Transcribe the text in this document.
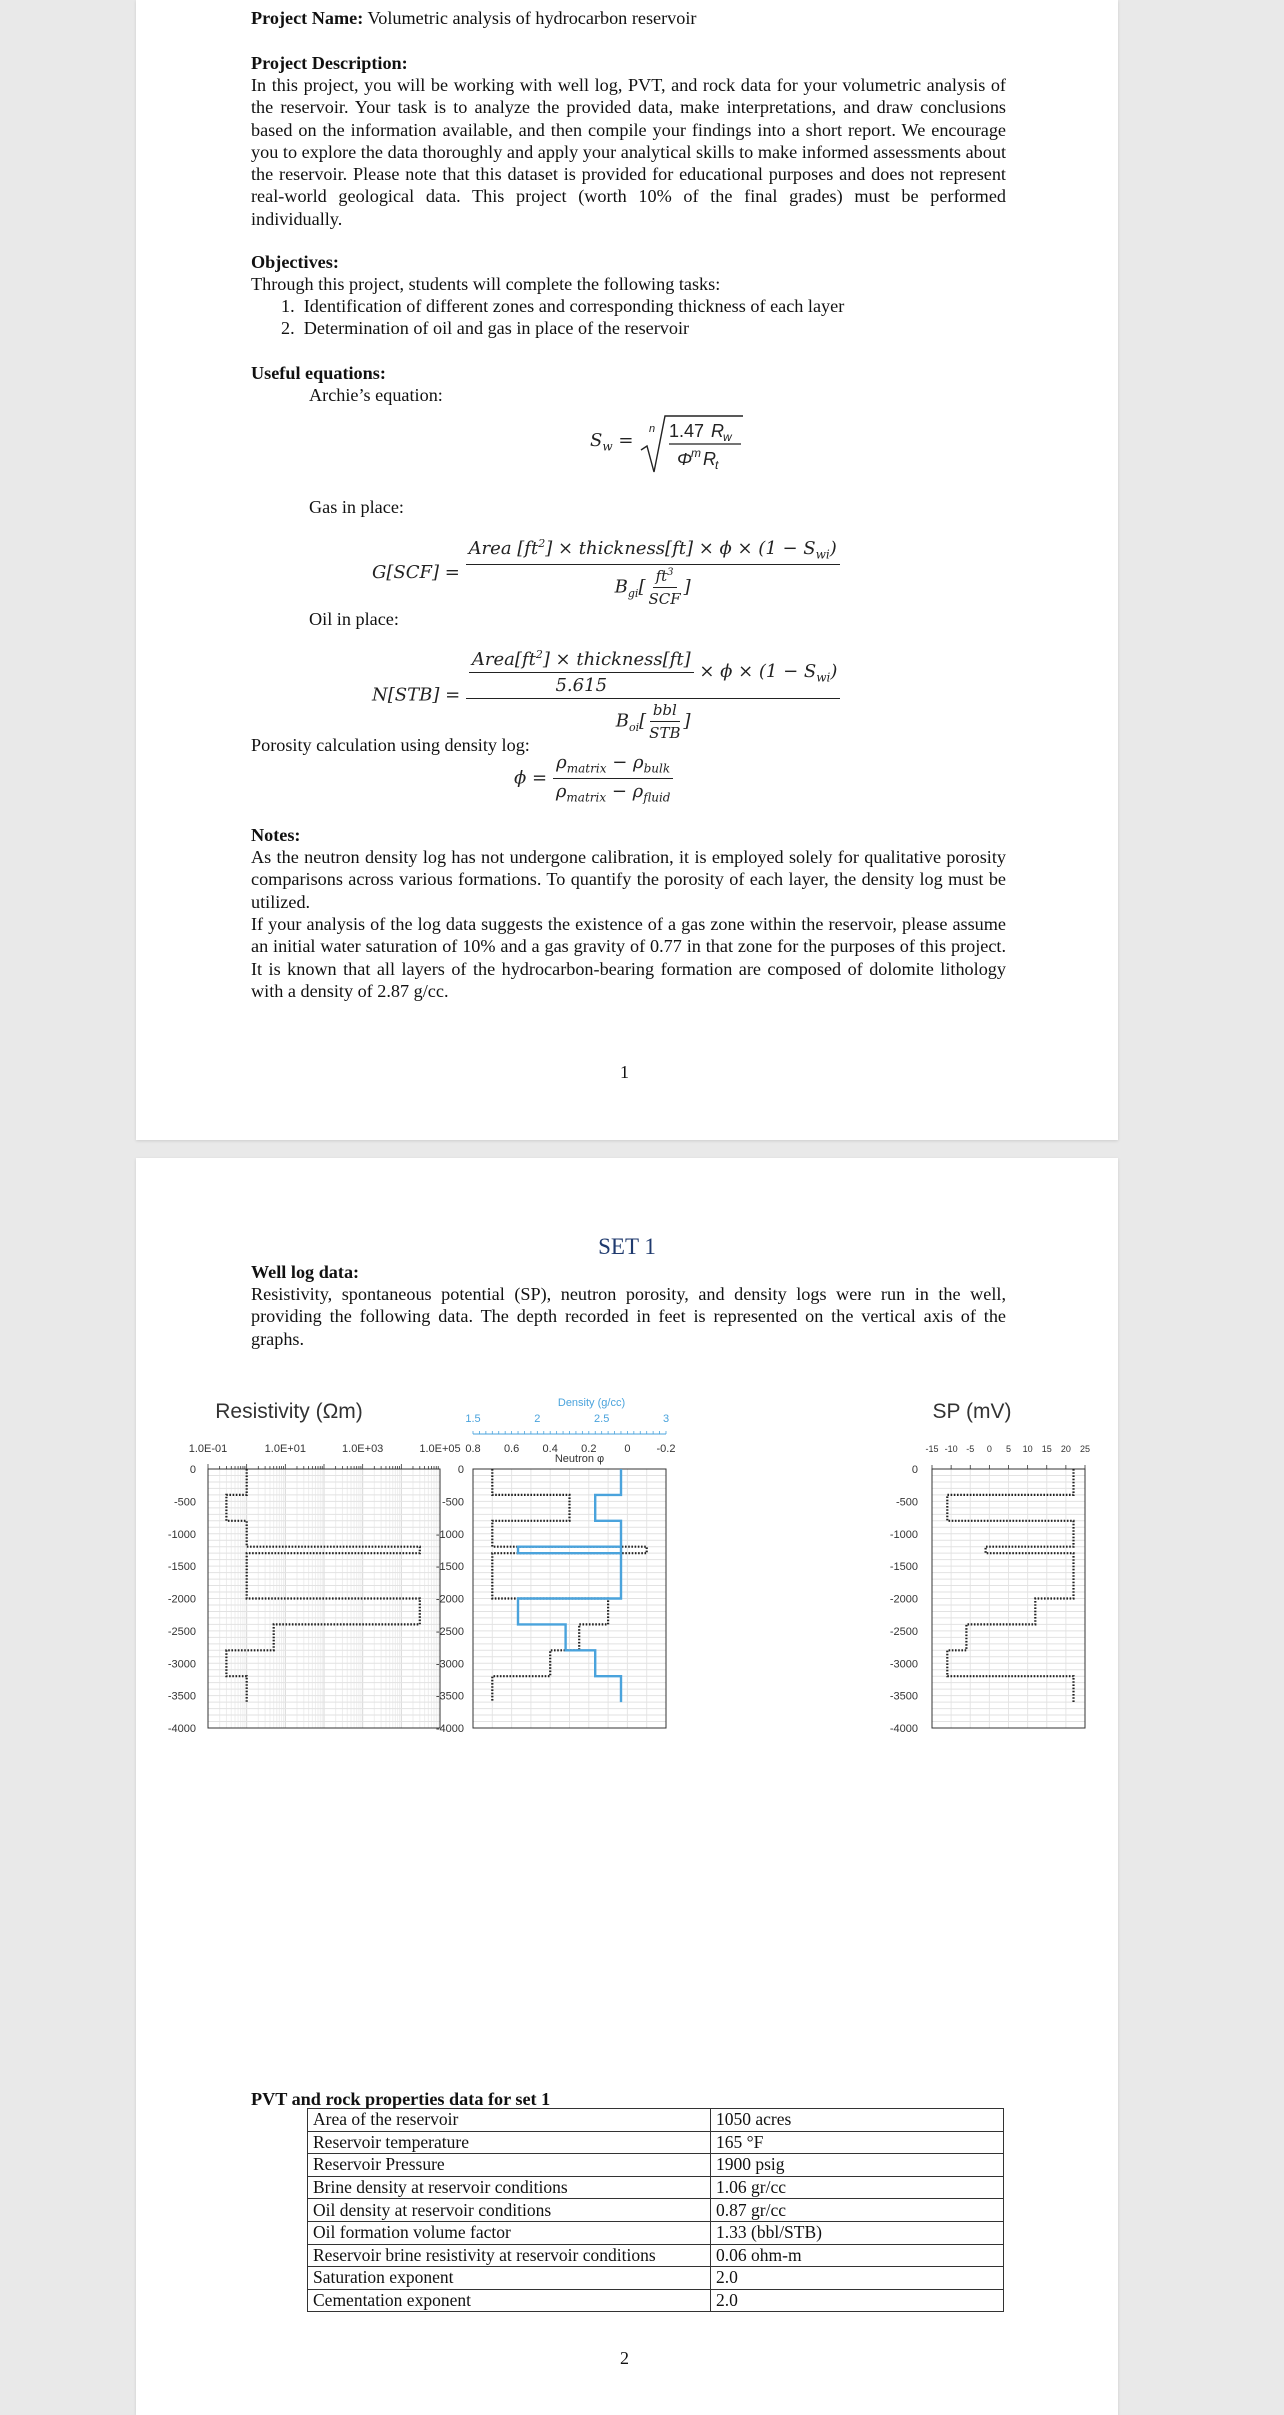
Project Name: Volumetric analysis of hydrocarbon reservoir
Project Description:
In this project, you will be working with well log, PVT, and rock data for your volumetric analysis of the reservoir. Your task is to analyze the provided data, make interpretations, and draw conclusions based on the information available, and then compile your findings into a short report. We encourage you to explore the data thoroughly and apply your analytical skills to make informed assessments about the reservoir. Please note that this dataset is provided for educational purposes and does not represent real-world geological data. This project (worth 10% of the final grades) must be performed individually.
Objectives:
Through this project, students will complete the following tasks:
1.  Identification of different zones and corresponding thickness of each layer
2.  Determination of oil and gas in place of the reservoir
Useful equations:
Archie’s equation:
$S_w$ =
n 1.47 R w
Φ
m R t
Gas in place:
$G[SCF] = \frac{Area [ft^2] \times thickness[ft] \times \phi \times (1 - S_{wi})}{B_{gi}[ \frac{ft^3}{\text{SCF}} ]}$
Oil in place:
$N[STB] = \frac{\frac{Area[ft^2] \times thickness[ft]}{5.615} \times \phi \times (1 - S_{wi})}{B_{oi}[ \frac{\text{bbl}}{\text{STB}} ]}$
Porosity calculation using density log:
$\phi = \frac{\rho_{matrix} - \rho_{bulk}}{\rho_{matrix} - \rho_{fluid}}$
Notes:
As the neutron density log has not undergone calibration, it is employed solely for qualitative porosity comparisons across various formations. To quantify the porosity of each layer, the density log must be utilized.
If your analysis of the log data suggests the existence of a gas zone within the reservoir, please assume an initial water saturation of 10% and a gas gravity of 0.77 in that zone for the purposes of this project. It is known that all layers of the hydrocarbon-bearing formation are composed of dolomite lithology with a density of 2.87 g/cc.
1
SET 1
Well log data:
Resistivity, spontaneous potential (SP), neutron porosity, and density logs were run in the well, providing the following data. The depth recorded in feet is represented on the vertical axis of the graphs.
Resistivity (Ωm)
1.0E-01	1.0E+01	1.0E+03	1.0E+05
0
-500
-1000
-1500
-2000
-2500
-3000
-3500
-4000
Density (g/cc)
1.5	2	2.5	3
0.8 0.6 0.4 0.2	0 -0.2
Neutron φ
0
-500
-1000
-1500
-2000
-2500
-3000
-3500
-4000
SP (mV)
-15 -10 -5 0 5 10 15 20 25
0
-500
-1000
-1500
-2000
-2500
-3000
-3500
-4000
PVT and rock properties data for set 1
Area of the reservoir	1050 acres
Reservoir temperature	165 °F
Reservoir Pressure	1900 psig
Brine density at reservoir conditions	1.06 gr/cc
Oil density at reservoir conditions	0.87 gr/cc
Oil formation volume factor	1.33 (bbl/STB)
Reservoir brine resistivity at reservoir conditions	0.06 ohm-m
Saturation exponent	2.0
Cementation exponent	2.0
2
